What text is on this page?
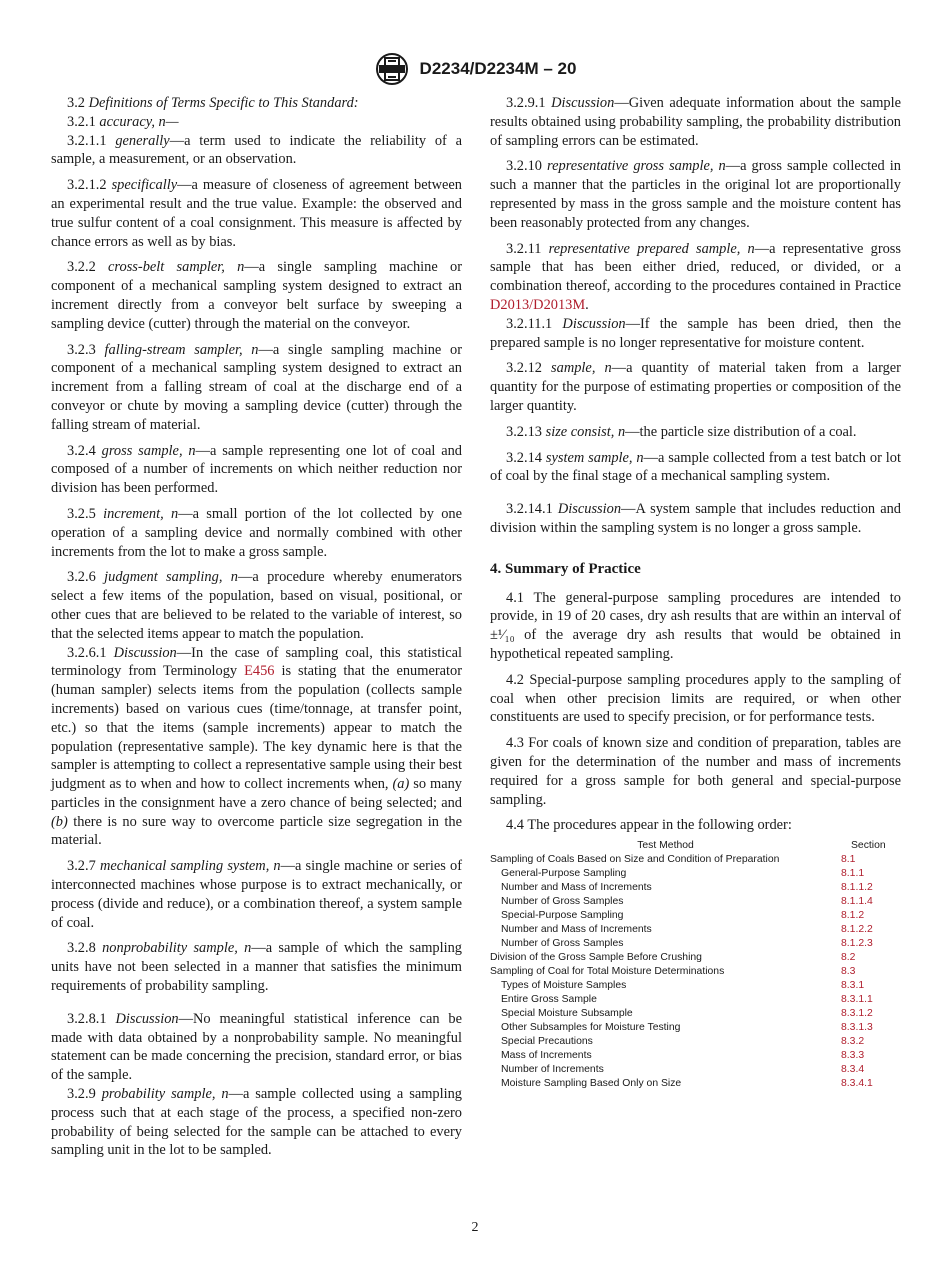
D2234/D2234M – 20

3.2 Definitions of Terms Specific to This Standard:

3.2.1 accuracy, n—

3.2.1.1 generally—a term used to indicate the reliability of a sample, a measurement, or an observation.

3.2.1.2 specifically—a measure of closeness of agreement between an experimental result and the true value. Example: the observed and true sulfur content of a coal consignment. This measure is affected by chance errors as well as by bias.

3.2.2 cross-belt sampler, n—a single sampling machine or component of a mechanical sampling system designed to extract an increment directly from a conveyor belt surface by sweeping a sampling device (cutter) through the material on the conveyor.

3.2.3 falling-stream sampler, n—a single sampling machine or component of a mechanical sampling system designed to extract an increment from a falling stream of coal at the discharge end of a conveyor or chute by moving a sampling device (cutter) through the falling stream of material.

3.2.4 gross sample, n—a sample representing one lot of coal and composed of a number of increments on which neither reduction nor division has been performed.

3.2.5 increment, n—a small portion of the lot collected by one operation of a sampling device and normally combined with other increments from the lot to make a gross sample.

3.2.6 judgment sampling, n—a procedure whereby enumerators select a few items of the population, based on visual, positional, or other cues that are believed to be related to the variable of interest, so that the selected items appear to match the population.

3.2.6.1 Discussion—In the case of sampling coal, this statistical terminology from Terminology E456 is stating that the enumerator (human sampler) selects items from the population (collects sample increments) based on various cues (time/tonnage, at transfer point, etc.) so that the items (sample increments) appear to match the population (representative sample). The key dynamic here is that the sampler is attempting to collect a representative sample using their best judgment as to when and how to collect increments when, (a) so many particles in the consignment have a zero chance of being selected; and (b) there is no sure way to overcome particle size segregation in the material.

3.2.7 mechanical sampling system, n—a single machine or series of interconnected machines whose purpose is to extract mechanically, or process (divide and reduce), or a combination thereof, a system sample of coal.

3.2.8 nonprobability sample, n—a sample of which the sampling units have not been selected in a manner that satisfies the minimum requirements of probability sampling.

3.2.8.1 Discussion—No meaningful statistical inference can be made with data obtained by a nonprobability sample. No meaningful statement can be made concerning the precision, standard error, or bias of the sample.

3.2.9 probability sample, n—a sample collected using a sampling process such that at each stage of the process, a specified non-zero probability of being selected for the sample can be attached to every sampling unit in the lot to be sampled.

3.2.9.1 Discussion—Given adequate information about the sample results obtained using probability sampling, the probability distribution of sampling errors can be estimated.

3.2.10 representative gross sample, n—a gross sample collected in such a manner that the particles in the original lot are proportionally represented by mass in the gross sample and the moisture content has been reasonably protected from any changes.

3.2.11 representative prepared sample, n—a representative gross sample that has been either dried, reduced, or divided, or a combination thereof, according to the procedures contained in Practice D2013/D2013M.

3.2.11.1 Discussion—If the sample has been dried, then the prepared sample is no longer representative for moisture content.

3.2.12 sample, n—a quantity of material taken from a larger quantity for the purpose of estimating properties or composition of the larger quantity.

3.2.13 size consist, n—the particle size distribution of a coal.

3.2.14 system sample, n—a sample collected from a test batch or lot of coal by the final stage of a mechanical sampling system.

3.2.14.1 Discussion—A system sample that includes reduction and division within the sampling system is no longer a gross sample.

4. Summary of Practice

4.1 The general-purpose sampling procedures are intended to provide, in 19 of 20 cases, dry ash results that are within an interval of ±¹⁄₁₀ of the average dry ash results that would be obtained in hypothetical repeated sampling.

4.2 Special-purpose sampling procedures apply to the sampling of coal when other precision limits are required, or when other constituents are used to specify precision, or for performance tests.

4.3 For coals of known size and condition of preparation, tables are given for the determination of the number and mass of increments required for a gross sample for both general and special-purpose sampling.

4.4 The procedures appear in the following order:

Test Method	Section
Sampling of Coals Based on Size and Condition of Preparation	8.1
General-Purpose Sampling	8.1.1
Number and Mass of Increments	8.1.1.2
Number of Gross Samples	8.1.1.4
Special-Purpose Sampling	8.1.2
Number and Mass of Increments	8.1.2.2
Number of Gross Samples	8.1.2.3
Division of the Gross Sample Before Crushing	8.2
Sampling of Coal for Total Moisture Determinations	8.3
Types of Moisture Samples	8.3.1
Entire Gross Sample	8.3.1.1
Special Moisture Subsample	8.3.1.2
Other Subsamples for Moisture Testing	8.3.1.3
Special Precautions	8.3.2
Mass of Increments	8.3.3
Number of Increments	8.3.4
Moisture Sampling Based Only on Size	8.3.4.1
2
